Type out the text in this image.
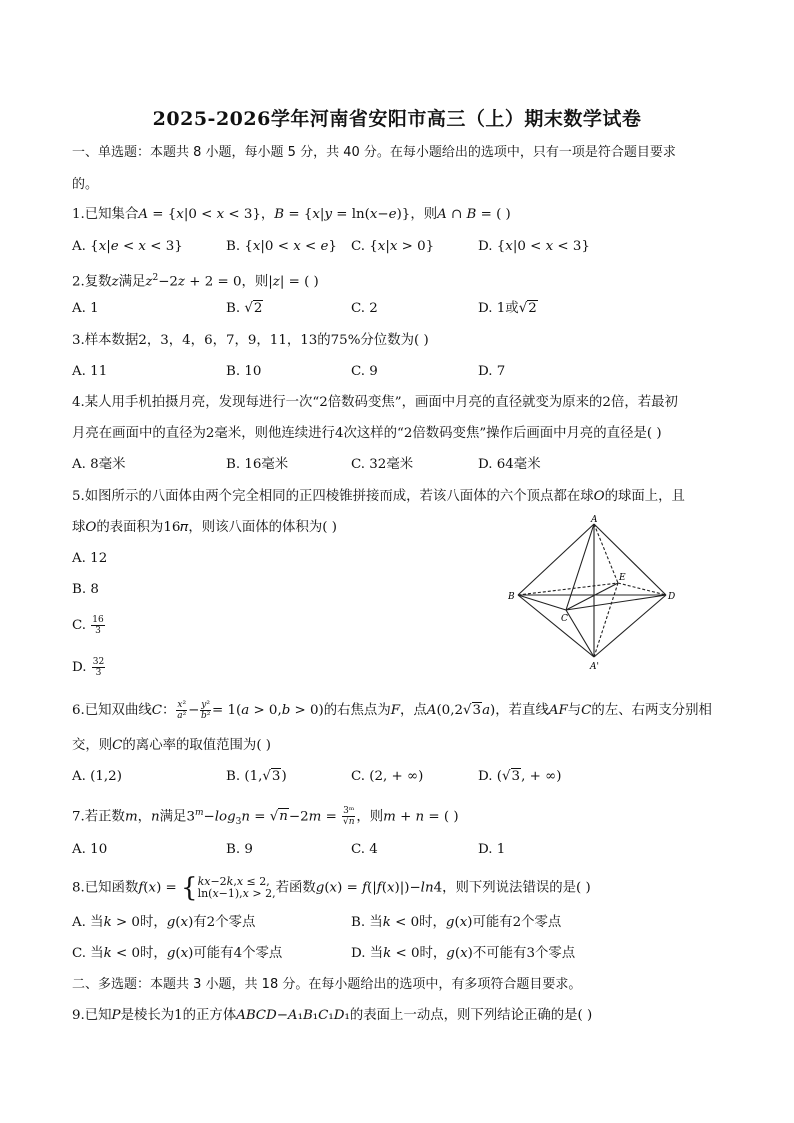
2025-2026学年河南省安阳市高三（上）期末数学试卷
一、单选题：本题共 8 小题，每小题 5 分，共 40 分。在每小题给出的选项中，只有一项是符合题目要求
的。
1.已知集合𝐴 = {𝑥|0 < 𝑥 < 3}，𝐵 = {𝑥|𝑦 = ln(𝑥−𝑒)}，则𝐴 ∩ 𝐵 = ( )
A. {𝑥|𝑒 < 𝑥 < 3}	B. {𝑥|0 < 𝑥 < 𝑒} C. {𝑥|𝑥 > 0}	D. {𝑥|0 < 𝑥 < 3}
2.复数𝑧满足𝑧$^2$−2𝑧 + 2 = 0，则|𝑧| = ( )
A. 1	B. √2	C. 2	D. 1或√2
3.样本数据2，3，4，6，7，9，11，13的75%分位数为( )
A. 11	B. 10	C. 9	D. 7
4.某人用手机拍摄月亮，发现每进行一次“2倍数码变焦”，画面中月亮的直径就变为原来的2倍，若最初
月亮在画面中的直径为2毫米，则他连续进行4次这样的“2倍数码变焦”操作后画面中月亮的直径是( )
A. 8毫米	B. 16毫米	C. 32毫米	D. 64毫米
5.如图所示的八面体由两个完全相同的正四棱锥拼接而成，若该八面体的六个顶点都在球𝑂的球面上，且
球𝑂的表面积为16𝜋，则该八面体的体积为( )
A. 12
B. 8
C. $\frac{16}{3}$
D. $\frac{32}{3}$
A
B
C
D
E
A'
6.已知双曲线𝐶： $\frac{\text{𝑥²}}{\text{𝑎²}} - \frac{\text{𝑦²}}{\text{𝑏²}}$ = 1(𝑎 > 0,𝑏 > 0)的右焦点为𝐹，点𝐴(0,2√3𝑎)，若直线𝐴𝐹与𝐶的左、右两支分别相
交，则𝐶的离心率的取值范围为( )
A. (1,2)	B. (1,√3)	C. (2, + ∞)	D. (√3, + ∞)
7.若正数𝑚，𝑛满足$3^𝑚-𝑙𝑜𝑔_3𝑛$ = √𝑛−2𝑚 = $\frac{\text{3ᵐ}}{\text{√𝑛}}$ ，则𝑚 + 𝑛 = ( )
A. 10	B. 9	C. 4	D. 1
8.已知函数𝑓(𝑥) = { 𝑘𝑥−2𝑘,𝑥 ≤ 2,
ln(𝑥−1),𝑥 > 2, 若函数𝑔(𝑥) = 𝑓(|𝑓(𝑥)|)−𝑙𝑛4，则下列说法错误的是( )
A. 当𝑘 > 0时，𝑔(𝑥)有2个零点	B. 当𝑘 < 0时，𝑔(𝑥)可能有2个零点
C. 当𝑘 < 0时，𝑔(𝑥)可能有4个零点	D. 当𝑘 < 0时，𝑔(𝑥)不可能有3个零点
二、多选题：本题共 3 小题，共 18 分。在每小题给出的选项中，有多项符合题目要求。
9.已知𝑃是棱长为1的正方体𝐴𝐵𝐶𝐷−𝐴₁𝐵₁𝐶₁𝐷₁的表面上一动点，则下列结论正确的是( )
